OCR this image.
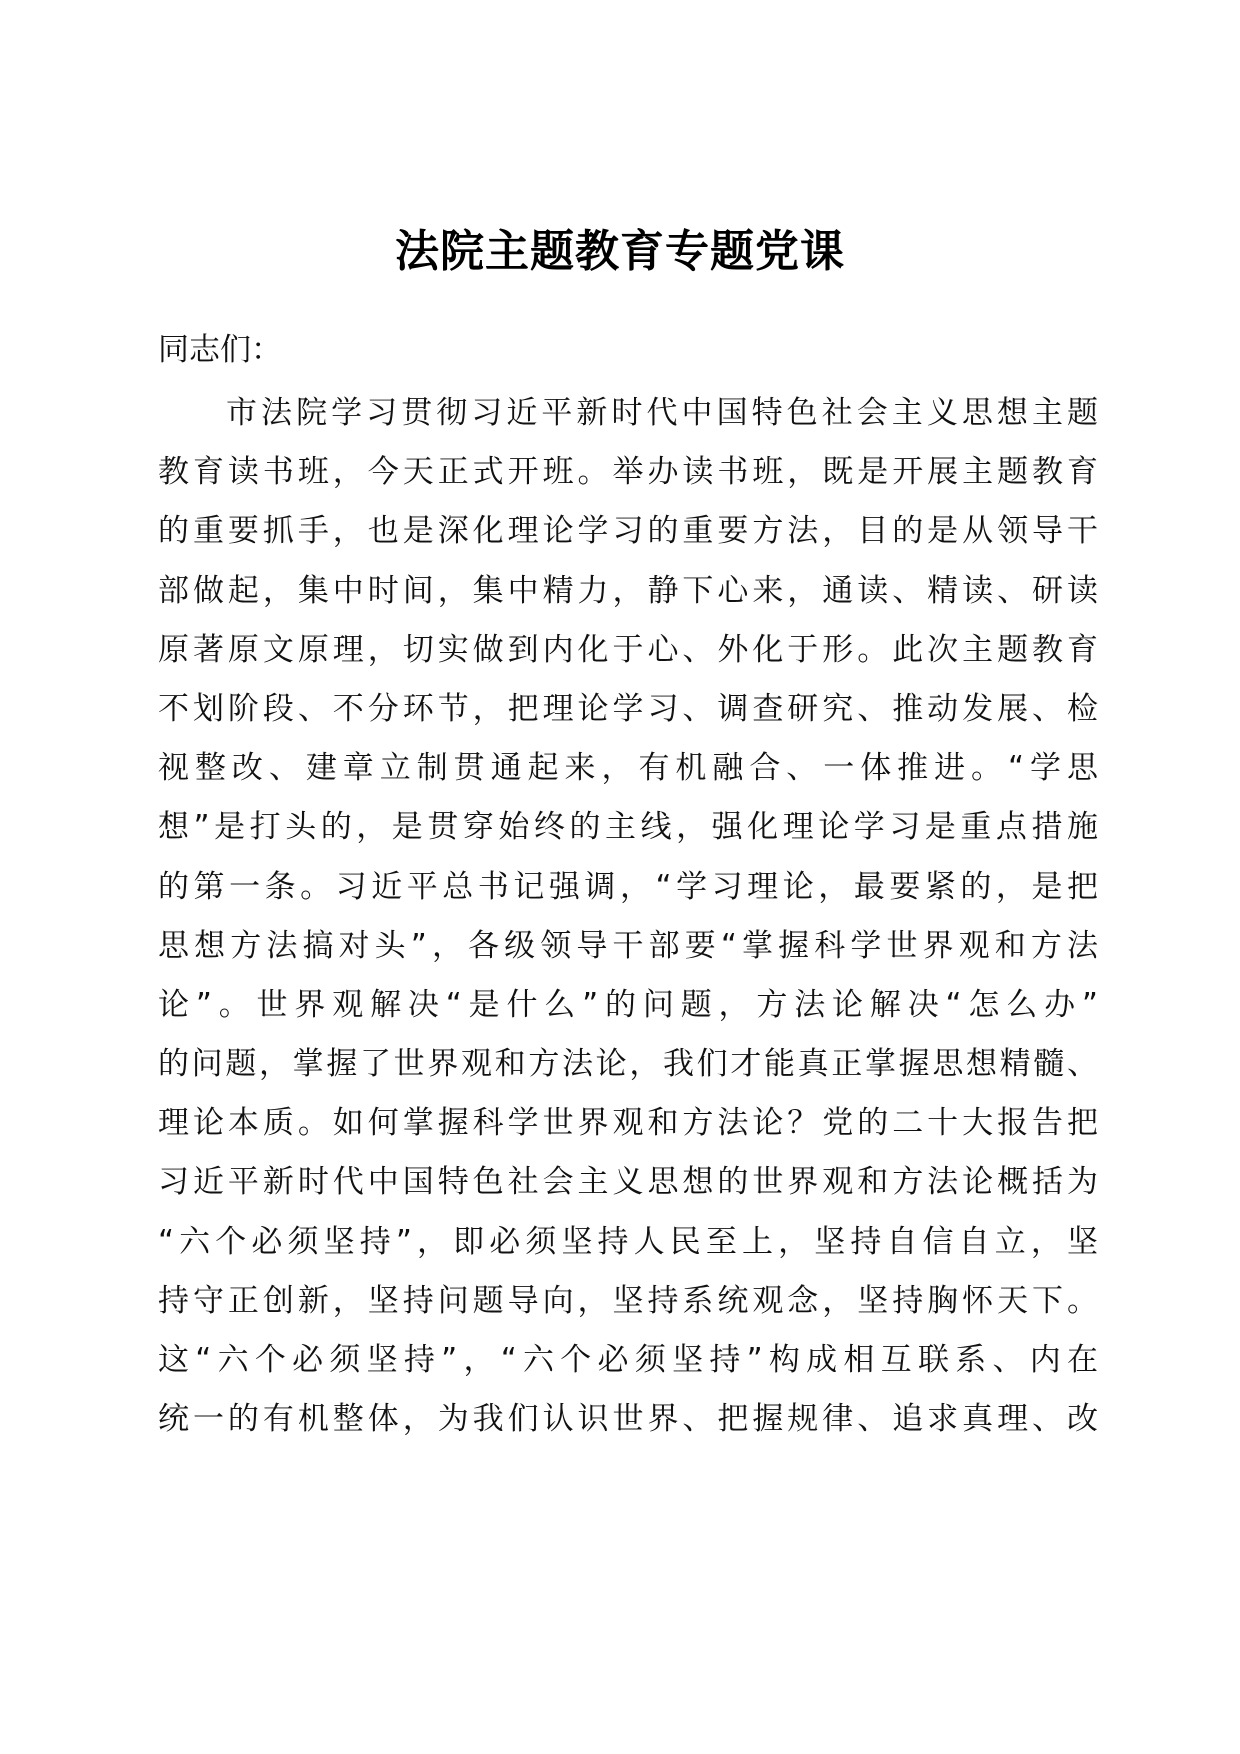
法院主题教育专题党课
同志们：
市法院学习贯彻习近平新时代中国特色社会主义思想主题
教育读书班，今天正式开班。举办读书班，既是开展主题教育
的重要抓手，也是深化理论学习的重要方法，目的是从领导干
部做起，集中时间，集中精力，静下心来，通读、精读、研读
原著原文原理，切实做到内化于心、外化于形。此次主题教育
不划阶段、不分环节，把理论学习、调查研究、推动发展、检
视整改、建章立制贯通起来，有机融合、一体推进。“学思
想”是打头的，是贯穿始终的主线，强化理论学习是重点措施
的第一条。习近平总书记强调，“学习理论，最要紧的，是把
思想方法搞对头”，各级领导干部要“掌握科学世界观和方法
论”。世界观解决“是什么”的问题，方法论解决“怎么办”
的问题，掌握了世界观和方法论，我们才能真正掌握思想精髓、
理论本质。如何掌握科学世界观和方法论？党的二十大报告把
习近平新时代中国特色社会主义思想的世界观和方法论概括为
“六个必须坚持”，即必须坚持人民至上，坚持自信自立，坚
持守正创新，坚持问题导向，坚持系统观念，坚持胸怀天下。
这“六个必须坚持”，“六个必须坚持”构成相互联系、内在
统一的有机整体，为我们认识世界、把握规律、追求真理、改
